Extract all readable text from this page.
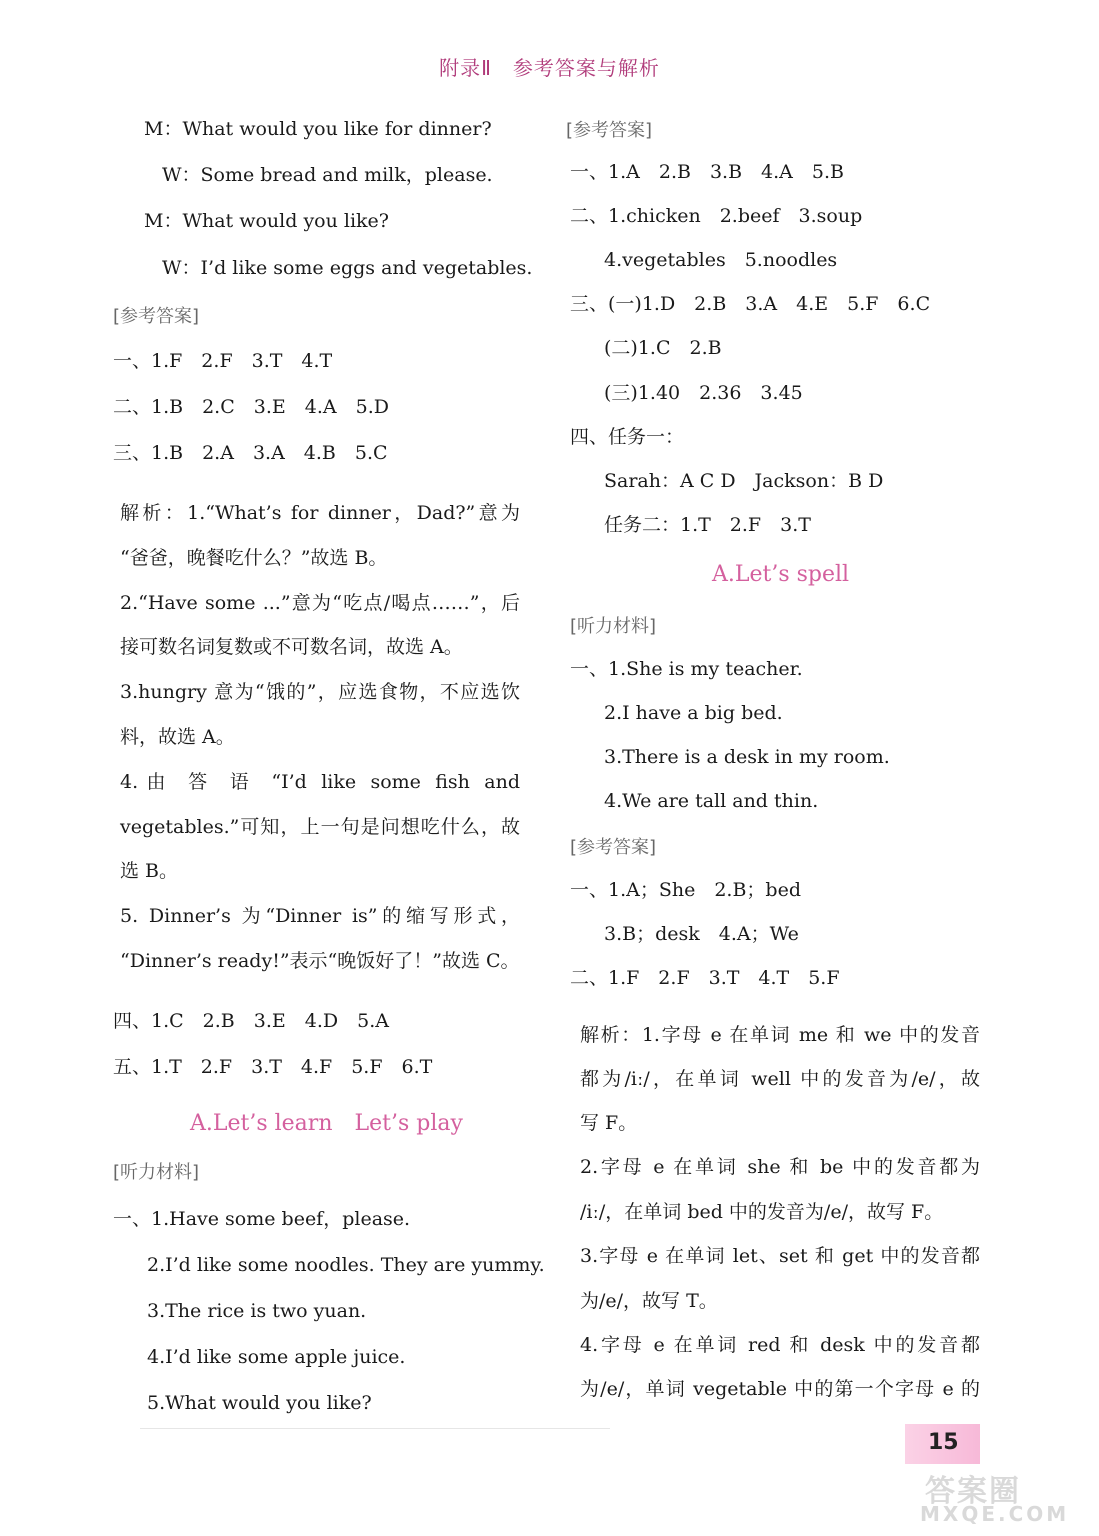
附录Ⅱ　参考答案与解析
M：What would you like for dinner?
W：Some bread and milk，please.
M：What would you like?
W：I’d like some eggs and vegetables.
[参考答案]
一、1.F　2.F　3.T　4.T
二、1.B　2.C　3.E　4.A　5.D
三、1.B　2.A　3.A　4.B　5.C
解析：1.“What’s for dinner，Dad?”意为
“爸爸，晚餐吃什么？”故选 B。
2.“Have some ...”意为“吃点/喝点……”，后
接可数名词复数或不可数名词，故选 A。
3.hungry 意为“饿的”，应选食物，不应选饮
料，故选 A。
4.由 答 语 “I’d like some fish and
vegetables.”可知，上一句是问想吃什么，故
选 B。
5. Dinner’s 为“Dinner is”的缩写形式，
“Dinner’s ready!”表示“晚饭好了！”故选 C。
四、1.C　2.B　3.E　4.D　5.A
五、1.T　2.F　3.T　4.F　5.F　6.T
A.Let’s learn　Let’s play
[听力材料]
一、1.Have some beef，please.
2.I’d like some noodles. They are yummy.
3.The rice is two yuan.
4.I’d like some apple juice.
5.What would you like?
[参考答案]
一、1.A　2.B　3.B　4.A　5.B
二、1.chicken　2.beef　3.soup
4.vegetables　5.noodles
三、(一)1.D　2.B　3.A　4.E　5.F　6.C
(二)1.C　2.B
(三)1.40　2.36　3.45
四、任务一：
Sarah：A C D　Jackson：B D
任务二：1.T　2.F　3.T
A.Let’s spell
[听力材料]
一、1.She is my teacher.
2.I have a big bed.
3.There is a desk in my room.
4.We are tall and thin.
[参考答案]
一、1.A；She　2.B；bed
3.B；desk　4.A；We
二、1.F　2.F　3.T　4.T　5.F
解析：1.字母 e 在单词 me 和 we 中的发音
都为/iː/，在单词 well 中的发音为/e/，故
写 F。
2.字母 e 在单词 she 和 be 中的发音都为
/iː/，在单词 bed 中的发音为/e/，故写 F。
3.字母 e 在单词 let、set 和 get 中的发音都
为/e/，故写 T。
4.字母 e 在单词 red 和 desk 中的发音都
为/e/，单词 vegetable 中的第一个字母 e 的
15
答案圈
MXQE.COM
